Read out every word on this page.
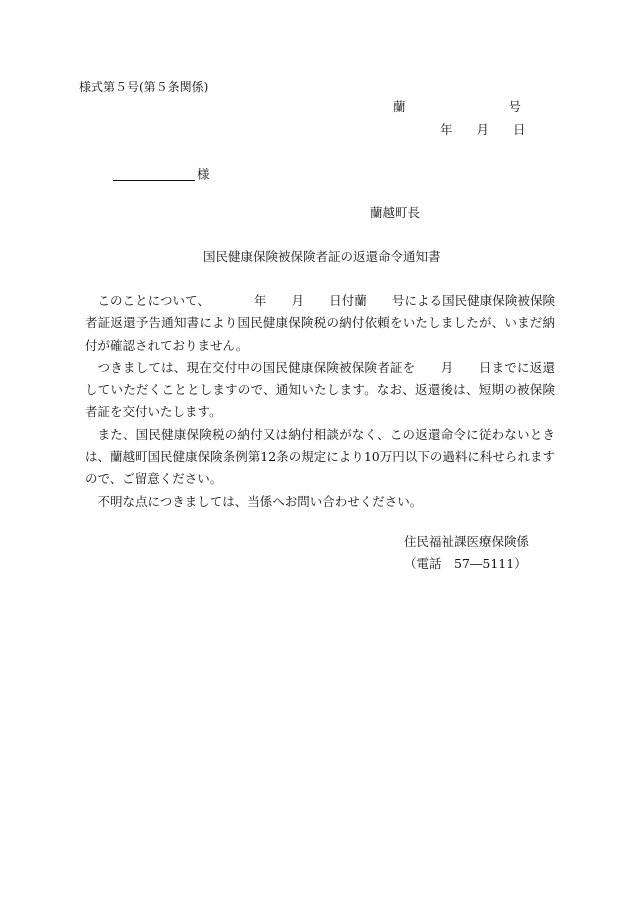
様式第５号(第５条関係)
蘭	号
年 月 日
様
蘭越町長
国民健康保険被保険者証の返還命令通知書

このことについて、　　　　年　　月　　日付蘭　　号による国民健康保険被保険者証返還予告通知書により国民健康保険税の納付依頼をいたしましたが、いまだ納付が確認されておりません。

つきましては、現在交付中の国民健康保険被保険者証を　　月　　日までに返還していただくこととしますので、通知いたします。なお、返還後は、短期の被保険者証を交付いたします。

また、国民健康保険税の納付又は納付相談がなく、この返還命令に従わないときは、蘭越町国民健康保険条例第12条の規定により10万円以下の過料に科せられますので、ご留意ください。

不明な点につきましては、当係へお問い合わせください。

住民福祉課医療保険係
（電話　57―5111）
